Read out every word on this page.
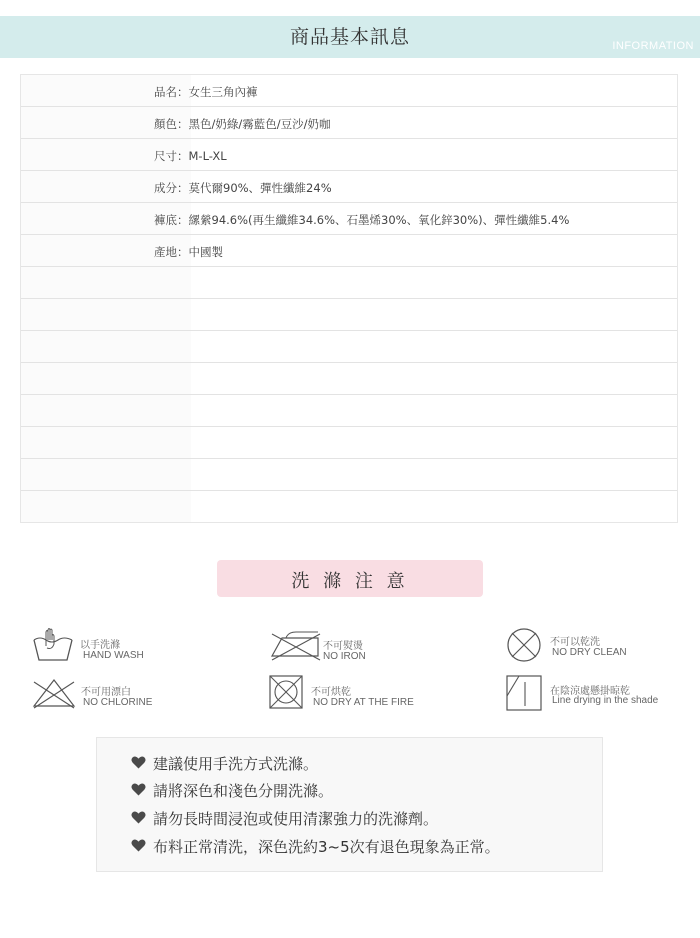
商品基本訊息	INFORMATION
品名：女生三角內褲
顏色：黑色/奶綠/霧藍色/豆沙/奶咖
尺寸：M-L-XL
成分：莫代爾90%、彈性纖維24%
褲底：縲縈94.6%(再生纖維34.6%、石墨烯30%、氧化鋅30%)、彈性纖維5.4%
產地：中國製
洗 滌 注 意
以手洗滌
HAND WASH
不可熨燙
NO IRON
不可以乾洗
NO DRY CLEAN
不可用漂白
NO CHLORINE
不可烘乾
NO DRY AT THE FIRE
在陰涼處懸掛晾乾
Line drying in the shade
建議使用手洗方式洗滌。
請將深色和淺色分開洗滌。
請勿長時間浸泡或使用清潔強力的洗滌劑。
布料正常清洗，深色洗約3~5次有退色現象為正常。
